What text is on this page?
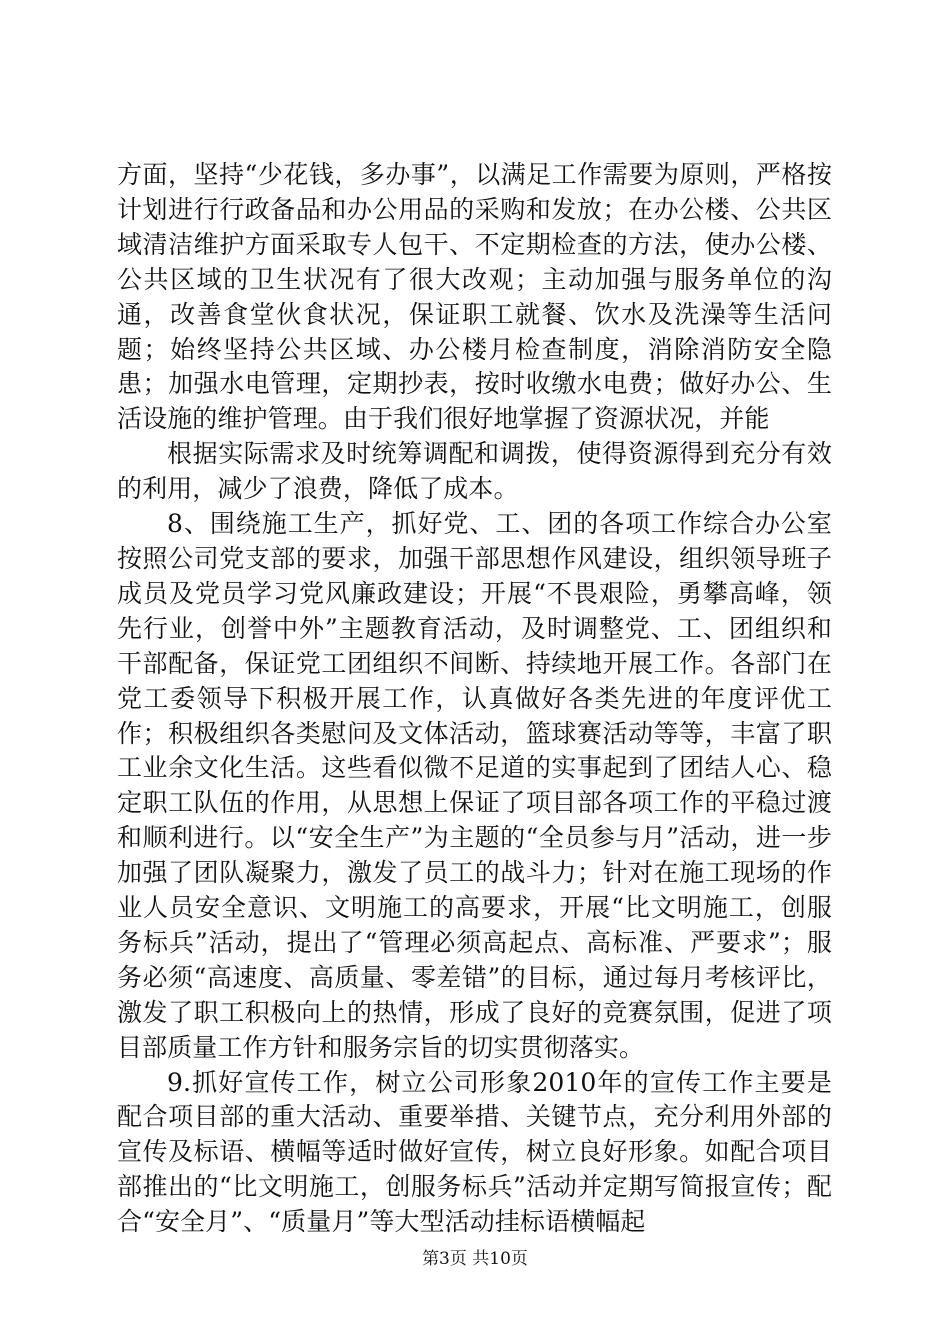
方面，坚持“少花钱，多办事”，以满足工作需要为原则，严格按计划进行行政备品和办公用品的采购和发放；在办公楼、公共区域清洁维护方面采取专人包干、不定期检查的方法，使办公楼、公共区域的卫生状况有了很大改观；主动加强与服务单位的沟通，改善食堂伙食状况，保证职工就餐、饮水及洗澡等生活问题；始终坚持公共区域、办公楼月检查制度，消除消防安全隐患；加强水电管理，定期抄表，按时收缴水电费；做好办公、生活设施的维护管理。由于我们很好地掌握了资源状况，并能

根据实际需求及时统筹调配和调拨，使得资源得到充分有效的利用，减少了浪费，降低了成本。

8、围绕施工生产，抓好党、工、团的各项工作综合办公室按照公司党支部的要求，加强干部思想作风建设，组织领导班子成员及党员学习党风廉政建设；开展“不畏艰险，勇攀高峰，领先行业，创誉中外”主题教育活动，及时调整党、工、团组织和干部配备，保证党工团组织不间断、持续地开展工作。各部门在党工委领导下积极开展工作，认真做好各类先进的年度评优工作；积极组织各类慰问及文体活动，篮球赛活动等等，丰富了职工业余文化生活。这些看似微不足道的实事起到了团结人心、稳定职工队伍的作用，从思想上保证了项目部各项工作的平稳过渡和顺利进行。以“安全生产”为主题的“全员参与月”活动，进一步加强了团队凝聚力，激发了员工的战斗力；针对在施工现场的作业人员安全意识、文明施工的高要求，开展“比文明施工，创服务标兵”活动，提出了“管理必须高起点、高标准、严要求”；服务必须“高速度、高质量、零差错”的目标，通过每月考核评比，激发了职工积极向上的热情，形成了良好的竞赛氛围，促进了项目部质量工作方针和服务宗旨的切实贯彻落实。

9.抓好宣传工作，树立公司形象2010年的宣传工作主要是配合项目部的重大活动、重要举措、关键节点，充分利用外部的宣传及标语、横幅等适时做好宣传，树立良好形象。如配合项目部推出的“比文明施工，创服务标兵”活动并定期写简报宣传；配合“安全月”、“质量月”等大型活动挂标语横幅起

第3页 共10页
